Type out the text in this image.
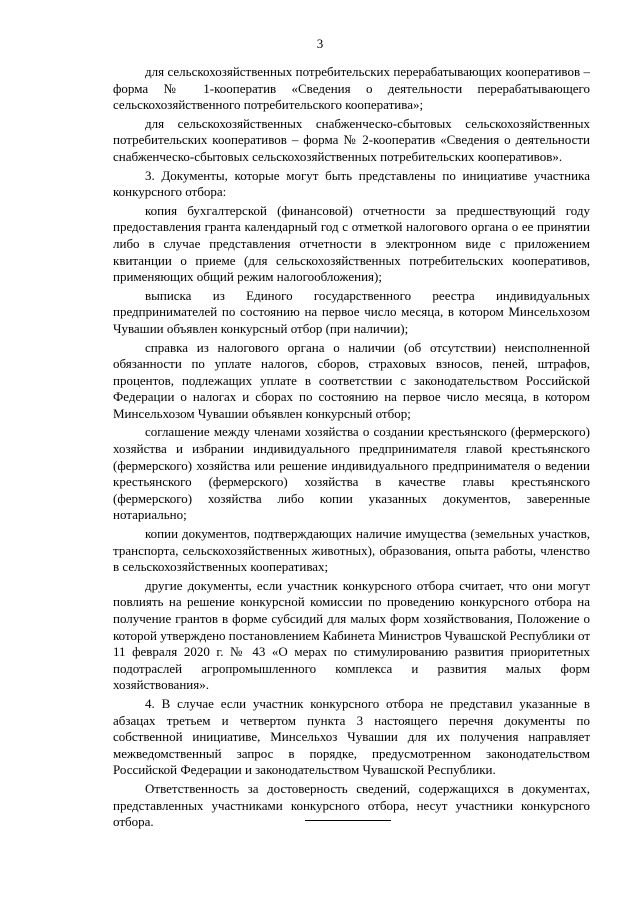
3

для сельскохозяйственных потребительских перерабатывающих кооперативов – форма № 1-кооператив «Сведения о деятельности перерабатывающего сельскохозяйственного потребительского кооператива»;

для сельскохозяйственных снабженческо-сбытовых сельскохозяйственных потребительских кооперативов – форма № 2-кооператив «Сведения о деятельности снабженческо-сбытовых сельскохозяйственных потребительских кооперативов».

3. Документы, которые могут быть представлены по инициативе участника конкурсного отбора:

копия бухгалтерской (финансовой) отчетности за предшествующий году предоставления гранта календарный год с отметкой налогового органа о ее принятии либо в случае представления отчетности в электронном виде с приложением квитанции о приеме (для сельскохозяйственных потребительских кооперативов, применяющих общий режим налогообложения);

выписка из Единого государственного реестра индивидуальных предпринимателей по состоянию на первое число месяца, в котором Минсельхозом Чувашии объявлен конкурсный отбор (при наличии);

справка из налогового органа о наличии (об отсутствии) неисполненной обязанности по уплате налогов, сборов, страховых взносов, пеней, штрафов, процентов, подлежащих уплате в соответствии с законодательством Российской Федерации о налогах и сборах по состоянию на первое число месяца, в котором Минсельхозом Чувашии объявлен конкурсный отбор;

соглашение между членами хозяйства о создании крестьянского (фермерского) хозяйства и избрании индивидуального предпринимателя главой крестьянского (фермерского) хозяйства или решение индивидуального предпринимателя о ведении крестьянского (фермерского) хозяйства в качестве главы крестьянского (фермерского) хозяйства либо копии указанных документов, заверенные нотариально;

копии документов, подтверждающих наличие имущества (земельных участков, транспорта, сельскохозяйственных животных), образования, опыта работы, членство в сельскохозяйственных кооперативах;

другие документы, если участник конкурсного отбора считает, что они могут повлиять на решение конкурсной комиссии по проведению конкурсного отбора на получение грантов в форме субсидий для малых форм хозяйствования, Положение о которой утверждено постановлением Кабинета Министров Чувашской Республики от 11 февраля 2020 г. № 43 «О мерах по стимулированию развития приоритетных подотраслей агропромышленного комплекса и развития малых форм хозяйствования».

4. В случае если участник конкурсного отбора не представил указанные в абзацах третьем и четвертом пункта 3 настоящего перечня документы по собственной инициативе, Минсельхоз Чувашии для их получения направляет межведомственный запрос в порядке, предусмотренном законодательством Российской Федерации и законодательством Чувашской Республики.

Ответственность за достоверность сведений, содержащихся в документах, представленных участниками конкурсного отбора, несут участники конкурсного отбора.
